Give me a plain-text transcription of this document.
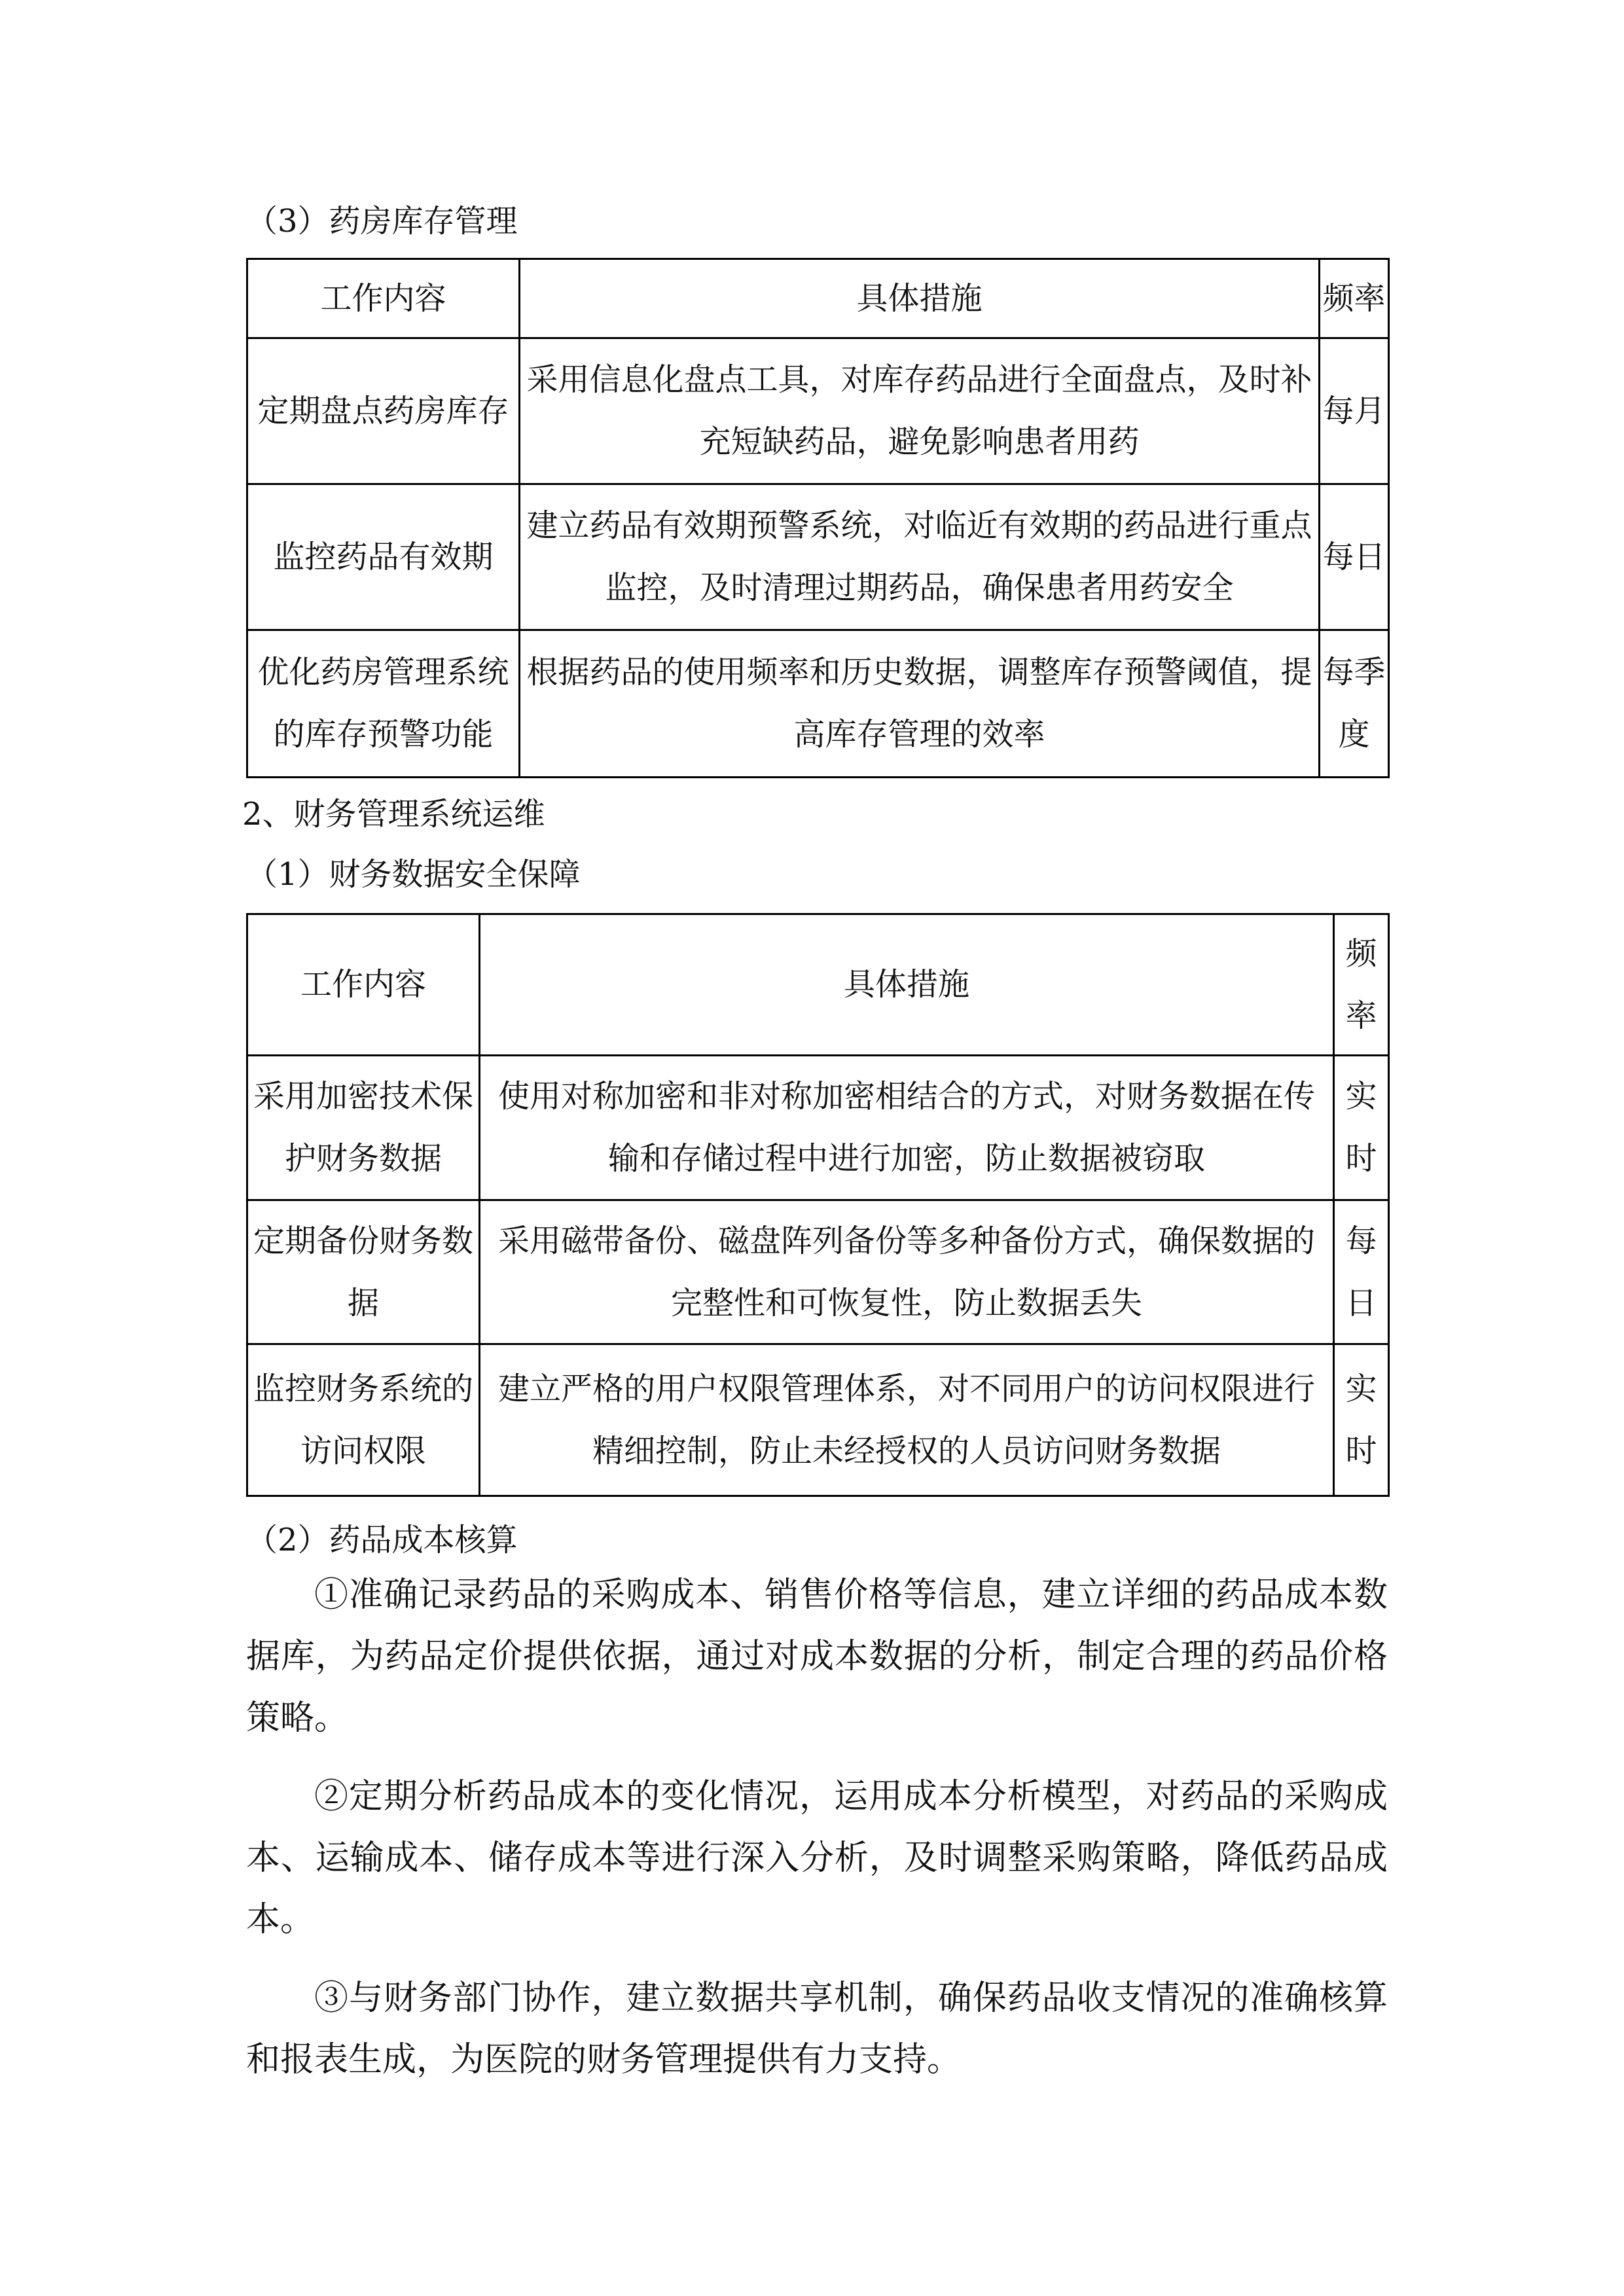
（3）药房库存管理
工作内容	具体措施	频率
定期盘点药房库存	采用信息化盘点工具，对库存药品进行全面盘点，及时补充短缺药品，避免影响患者用药	每月
监控药品有效期	建立药品有效期预警系统，对临近有效期的药品进行重点监控，及时清理过期药品，确保患者用药安全	每日
优化药房管理系统的库存预警功能	根据药品的使用频率和历史数据，调整库存预警阈值，提高库存管理的效率	每季度
2、财务管理系统运维
（1）财务数据安全保障
工作内容	具体措施	频率
采用加密技术保护财务数据	使用对称加密和非对称加密相结合的方式，对财务数据在传输和存储过程中进行加密，防止数据被窃取	实时
定期备份财务数据	采用磁带备份、磁盘阵列备份等多种备份方式，确保数据的完整性和可恢复性，防止数据丢失	每日
监控财务系统的访问权限	建立严格的用户权限管理体系，对不同用户的访问权限进行精细控制，防止未经授权的人员访问财务数据	实时
（2）药品成本核算
①准确记录药品的采购成本、销售价格等信息，建立详细的药品成本数据库，为药品定价提供依据，通过对成本数据的分析，制定合理的药品价格策略。
②定期分析药品成本的变化情况，运用成本分析模型，对药品的采购成本、运输成本、储存成本等进行深入分析，及时调整采购策略，降低药品成本。
③与财务部门协作，建立数据共享机制，确保药品收支情况的准确核算和报表生成，为医院的财务管理提供有力支持。
